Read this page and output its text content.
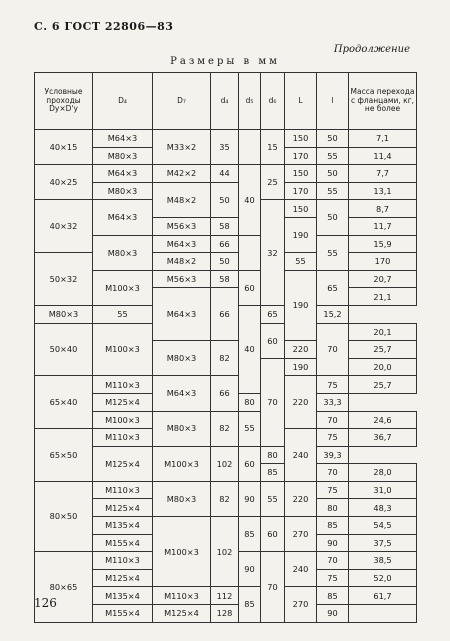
С. 6 ГОСТ 22806—83
Продолжение
Размеры в мм
Условные проходы Dу×D'у	D₄	D₇	d₄	d₅	d₆	L	l	Масса перехода с фланцами, кг, не более	
40×15	M64×3	M33×2	35		15	150	50	7,1	
	M80×3					170	55	11,4	
40×25	M64×3	M42×2	44	40	25	150	50	7,7	
	M80×3	M48×2	50			170	55	13,1	
40×32	M64×3				32	150	50	8,7	
		M56×3	58			190		11,7	
	M80×3	M64×3	66				55	15,9	
50×32		M48×2	50			55		170	
	M100×3	M56×3	58	60		190	65	20,7	
		M64×3	66					21,1	
M80×3	55			40	65		15,2		
50×40	M100×3				60		70	20,1	
		M80×3	82			220		25,7	
					70	190		20,0	
65×40	M110×3	M64×3	66			220	75	25,7	
	M125×4			80			33,3		
	M100×3	M80×3	82	55			70	24,6	
65×50	M110×3					240	75	36,7	
	M125×4	M100×3	102	60	80		39,3		
					85		70	28,0	
80×50	M110×3	M80×3	82	90	55	220	75	31,0	
	M125×4						80	48,3	
	M135×4	M100×3	102	85	60	270	85	54,5	
	M155×4						90	37,5	
80×65	M110×3			90	70	240	70	38,5	
	M125×4						75	52,0	
	M135×4	M110×3	112	85		270	85	61,7	
	M155×4	M125×4	128				90		
126
